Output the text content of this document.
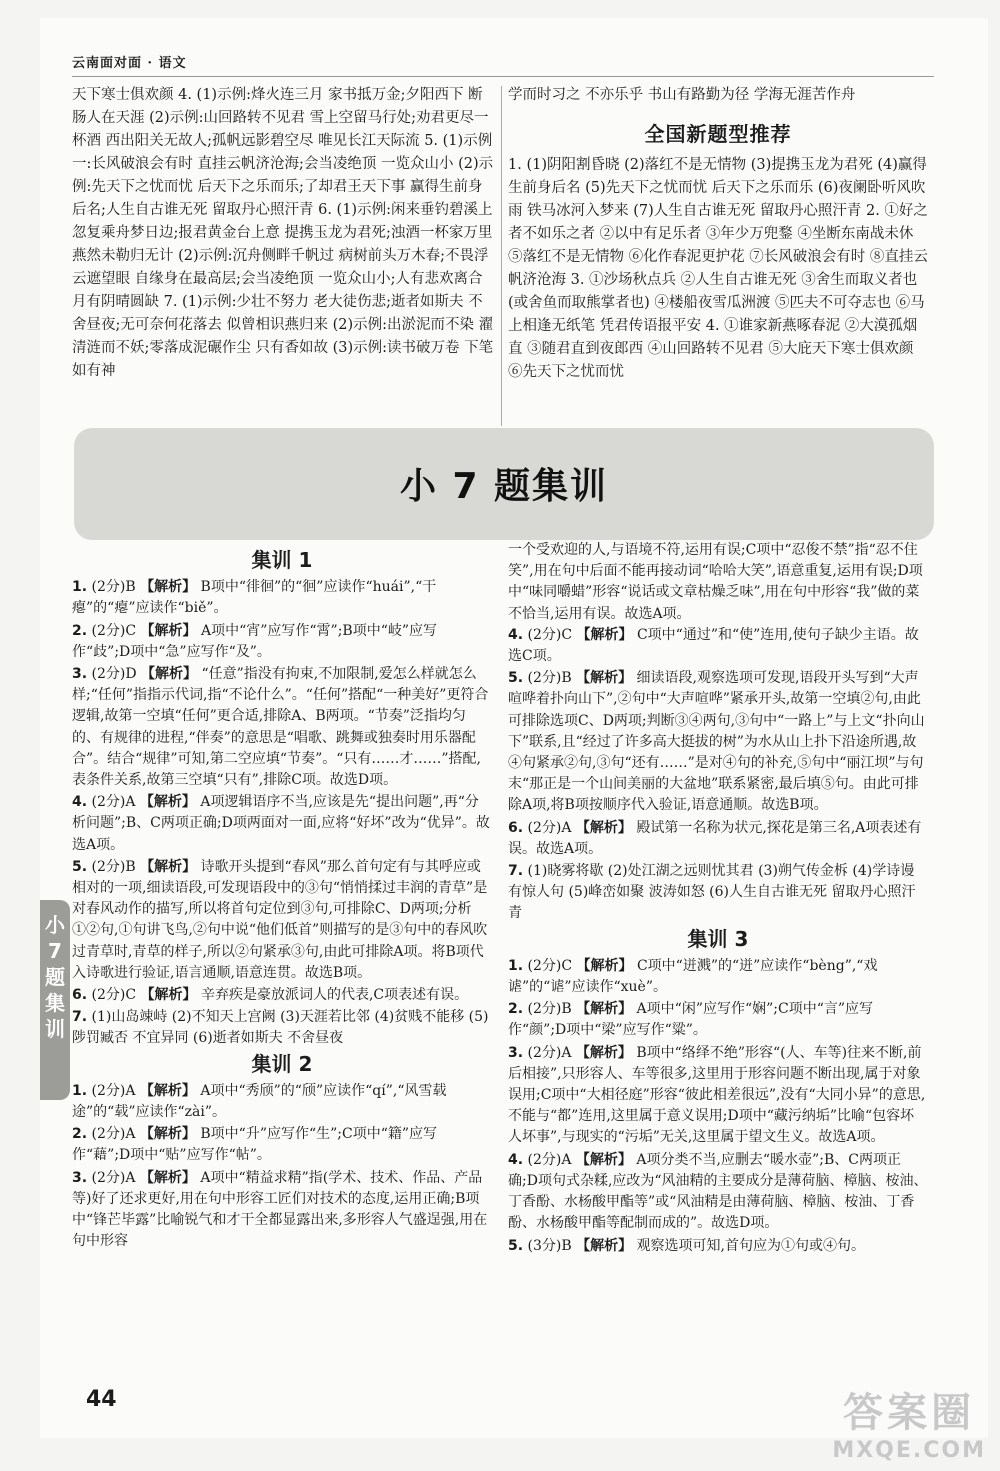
云南面对面 · 语文
天下寒士俱欢颜 4. (1)示例:烽火连三月 家书抵万金;夕阳西下 断肠人在天涯 (2)示例:山回路转不见君 雪上空留马行处;劝君更尽一杯酒 西出阳关无故人;孤帆远影碧空尽 唯见长江天际流 5. (1)示例一:长风破浪会有时 直挂云帆济沧海;会当凌绝顶 一览众山小 (2)示例:先天下之忧而忧 后天下之乐而乐;了却君王天下事 赢得生前身后名;人生自古谁无死 留取丹心照汗青 6. (1)示例:闲来垂钓碧溪上 忽复乘舟梦日边;报君黄金台上意 提携玉龙为君死;浊酒一杯家万里 燕然未勒归无计 (2)示例:沉舟侧畔千帆过 病树前头万木春;不畏浮云遮望眼 自缘身在最高层;会当凌绝顶 一览众山小;人有悲欢离合 月有阴晴圆缺 7. (1)示例:少壮不努力 老大徒伤悲;逝者如斯夫 不舍昼夜;无可奈何花落去 似曾相识燕归来 (2)示例:出淤泥而不染 濯清涟而不妖;零落成泥碾作尘 只有香如故 (3)示例:读书破万卷 下笔如有神
学而时习之 不亦乐乎 书山有路勤为径 学海无涯苦作舟
全国新题型推荐
1. (1)阴阳割昏晓 (2)落红不是无情物 (3)提携玉龙为君死 (4)赢得生前身后名 (5)先天下之忧而忧 后天下之乐而乐 (6)夜阑卧听风吹雨 铁马冰河入梦来 (7)人生自古谁无死 留取丹心照汗青 2. ①好之者不如乐之者 ②以中有足乐者 ③年少万兜鍪 ④坐断东南战未休 ⑤落红不是无情物 ⑥化作春泥更护花 ⑦长风破浪会有时 ⑧直挂云帆济沧海 3. ①沙场秋点兵 ②人生自古谁无死 ③舍生而取义者也(或舍鱼而取熊掌者也) ④楼船夜雪瓜洲渡 ⑤匹夫不可夺志也 ⑥马上相逢无纸笔 凭君传语报平安 4. ①谁家新燕啄春泥 ②大漠孤烟直 ③随君直到夜郎西 ④山回路转不见君 ⑤大庇天下寒士俱欢颜 ⑥先天下之忧而忧
小 7 题集训
集训 1
1. (2分)B 【解析】 B项中“徘徊”的“徊”应读作“huái”,“干瘪”的“瘪”应读作“biě”。
2. (2分)C 【解析】 A项中“宵”应写作“霄”;B项中“岐”应写作“歧”;D项中“急”应写作“及”。
3. (2分)D 【解析】 “任意”指没有拘束,不加限制,爱怎么样就怎么样;“任何”指指示代词,指“不论什么”。“任何”搭配“一种美好”更符合逻辑,故第一空填“任何”更合适,排除A、B两项。“节奏”泛指均匀的、有规律的进程,“伴奏”的意思是“唱歌、跳舞或独奏时用乐器配合”。结合“规律”可知,第二空应填“节奏”。“只有……才……”搭配,表条件关系,故第三空填“只有”,排除C项。故选D项。
4. (2分)A 【解析】 A项逻辑语序不当,应该是先“提出问题”,再“分析问题”;B、C两项正确;D项两面对一面,应将“好坏”改为“优异”。故选A项。
5. (2分)B 【解析】 诗歌开头提到“春风”那么首句定有与其呼应或相对的一项,细读语段,可发现语段中的③句“悄悄揉过丰润的青草”是对春风动作的描写,所以将首句定位到③句,可排除C、D两项;分析①②句,①句讲飞鸟,②句中说“他们低首”则描写的是③句中的春风吹过青草时,青草的样子,所以②句紧承③句,由此可排除A项。将B项代入诗歌进行验证,语言通顺,语意连贯。故选B项。
6. (2分)C 【解析】 辛弃疾是豪放派词人的代表,C项表述有误。
7. (1)山岛竦峙 (2)不知天上宫阙 (3)天涯若比邻 (4)贫贱不能移 (5)陟罚臧否 不宜异同 (6)逝者如斯夫 不舍昼夜
集训 2
1. (2分)A 【解析】 A项中“秀颀”的“颀”应读作“qí”,“风雪载途”的“载”应读作“zài”。
2. (2分)A 【解析】 B项中“升”应写作“生”;C项中“籍”应写作“藉”;D项中“贴”应写作“帖”。
3. (2分)A 【解析】 A项中“精益求精”指(学术、技术、作品、产品等)好了还求更好,用在句中形容工匠们对技术的态度,运用正确;B项中“锋芒毕露”比喻锐气和才干全都显露出来,多形容人气盛逞强,用在句中形容
一个受欢迎的人,与语境不符,运用有误;C项中“忍俊不禁”指“忍不住笑”,用在句中后面不能再接动词“哈哈大笑”,语意重复,运用有误;D项中“味同嚼蜡”形容“说话或文章枯燥乏味”,用在句中形容“我”做的菜不恰当,运用有误。故选A项。
4. (2分)C 【解析】 C项中“通过”和“使”连用,使句子缺少主语。故选C项。
5. (2分)B 【解析】 细读语段,观察选项可发现,语段开头写到“大声喧哗着扑向山下”,②句中“大声喧哗”紧承开头,故第一空填②句,由此可排除选项C、D两项;判断③④两句,③句中“一路上”与上文“扑向山下”联系,且“经过了许多高大挺拔的树”为水从山上扑下沿途所遇,故④句紧承②句,③句“还有……”是对④句的补充,⑤句中“丽江坝”与句末“那正是一个山间美丽的大盆地”联系紧密,最后填⑤句。由此可排除A项,将B项按顺序代入验证,语意通顺。故选B项。
6. (2分)A 【解析】 殿试第一名称为状元,探花是第三名,A项表述有误。故选A项。
7. (1)晓雾将歇 (2)处江湖之远则忧其君 (3)朔气传金柝 (4)学诗谩有惊人句 (5)峰峦如聚 波涛如怒 (6)人生自古谁无死 留取丹心照汗青
集训 3
1. (2分)C 【解析】 C项中“迸溅”的“迸”应读作“bèng”,“戏谑”的“谑”应读作“xuè”。
2. (2分)B 【解析】 A项中“闲”应写作“娴”;C项中“言”应写作“颜”;D项中“梁”应写作“粱”。
3. (2分)A 【解析】 B项中“络绎不绝”形容“(人、车等)往来不断,前后相接”,只形容人、车等很多,这里用于形容问题不断出现,属于对象误用;C项中“大相径庭”形容“彼此相差很远”,没有“大同小异”的意思,不能与“都”连用,这里属于意义误用;D项中“藏污纳垢”比喻“包容坏人坏事”,与现实的“污垢”无关,这里属于望文生义。故选A项。
4. (2分)A 【解析】 A项分类不当,应删去“暖水壶”;B、C两项正确;D项句式杂糅,应改为“风油精的主要成分是薄荷脑、樟脑、桉油、丁香酚、水杨酸甲酯等”或“风油精是由薄荷脑、樟脑、桉油、丁香酚、水杨酸甲酯等配制而成的”。故选D项。
5. (3分)B 【解析】 观察选项可知,首句应为①句或④句。
小
7
题
集
训
44	答案圈
MXQE.COM
